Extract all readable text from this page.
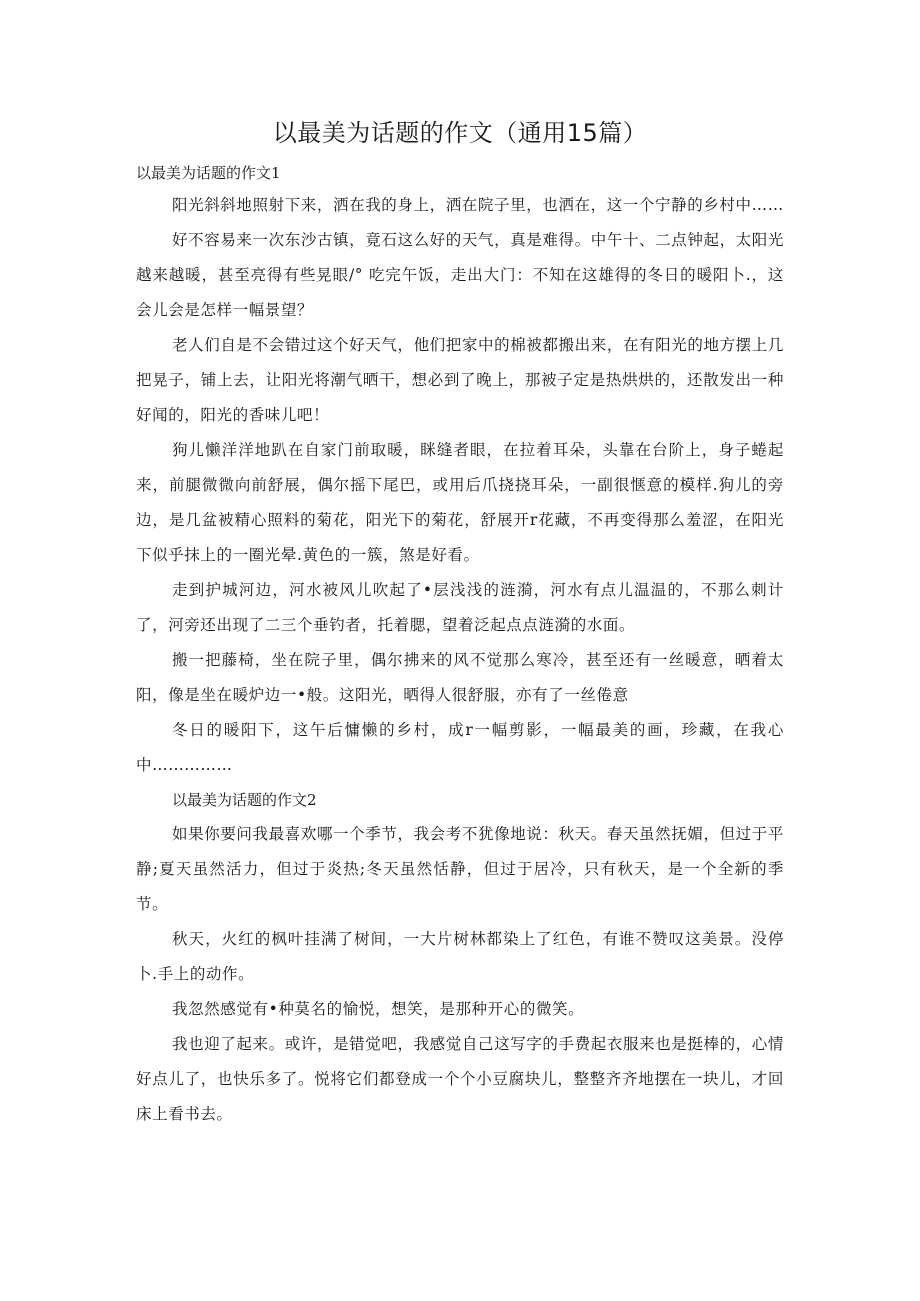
以最美为话题的作文（通用15篇）

以最美为话题的作文1

阳光斜斜地照射下来，洒在我的身上，洒在院子里，也洒在，这一个宁静的乡村中……

好不容易来一次东沙古镇，竟石这么好的天气，真是难得。中午十、二点钟起，太阳光越来越暖，甚至亮得有些晃眼/° 吃完午饭，走出大门：不知在这雄得的冬日的暖阳卜.，这会儿会是怎样一幅景望？

老人们自是不会错过这个好天气，他们把家中的棉被都搬出来，在有阳光的地方摆上几把晃子，铺上去，让阳光将潮气晒干，想必到了晚上，那被子定是热烘烘的，还散发出一种好闻的，阳光的香味儿吧！

狗儿懒洋洋地趴在自家门前取暖，眯缝者眼，在拉着耳朵，头靠在台阶上，身子蜷起来，前腿微微向前舒展，偶尔摇下尾巴，或用后爪挠挠耳朵，一副很惬意的模样.狗儿的旁边，是几盆被精心照料的菊花，阳光下的菊花，舒展开r花藏，不再变得那么羞涩，在阳光下似乎抹上的一圈光晕.黄色的一簇，煞是好看。

走到护城河边，河水被风儿吹起了•层浅浅的涟漪，河水有点儿温温的，不那么刺计了，河旁还出现了二三个垂钓者，托着腮，望着泛起点点涟漪的水面。

搬一把藤椅，坐在院子里，偶尔拂来的风不觉那么寒冷，甚至还有一丝暖意，晒着太阳，像是坐在暖炉边一•般。这阳光，晒得人很舒服，亦有了一丝倦意

冬日的暖阳下，这午后慵懒的乡村，成r一幅剪影，一幅最美的画，珍藏，在我心中……………

以最美为话题的作文2

如果你要问我最喜欢哪一个季节，我会考不犹像地说：秋天。春天虽然抚媚，但过于平静;夏天虽然活力，但过于炎热;冬天虽然恬静，但过于居冷，只有秋天，是一个全新的季节。

秋天，火红的枫叶挂满了树间，一大片树林都染上了红色，有谁不赞叹这美景。没停卜.手上的动作。

我忽然感觉有•种莫名的愉悦，想笑，是那种开心的微笑。

我也迎了起来。或许，是错觉吧，我感觉自己这写字的手费起衣服来也是挺棒的，心情好点儿了，也快乐多了。悦将它们都登成一个个小豆腐块儿，整整齐齐地摆在一块儿，才回床上看书去。
